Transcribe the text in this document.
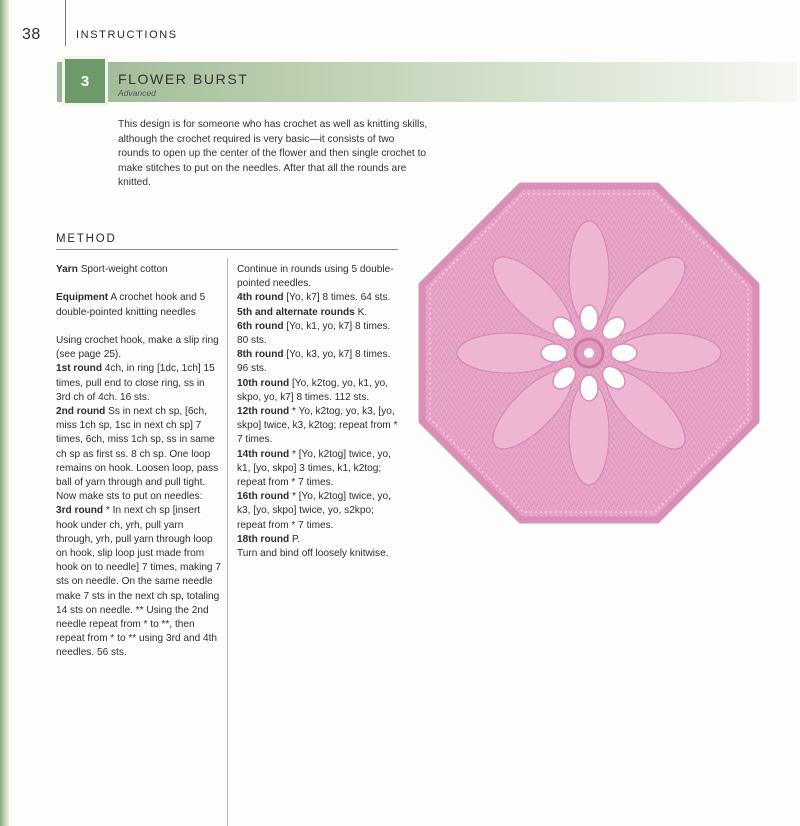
38	INSTRUCTIONS
3	FLOWER BURST
Advanced

This design is for someone who has crochet as well as knitting skills, although the crochet required is very basic—it consists of two rounds to open up the center of the flower and then single crochet to make stitches to put on the needles. After that all the rounds are knitted.

METHOD

Yarn Sport-weight cotton

Equipment A crochet hook and 5 double-pointed knitting needles

Using crochet hook, make a slip ring (see page 25).

1st round 4ch, in ring [1dc, 1ch] 15 times, pull end to close ring, ss in 3rd ch of 4ch. 16 sts.

2nd round Ss in next ch sp, [6ch, miss 1ch sp, 1sc in next ch sp] 7 times, 6ch, miss 1ch sp, ss in same ch sp as first ss. 8 ch sp. One loop remains on hook. Loosen loop, pass ball of yarn through and pull tight. Now make sts to put on needles:

3rd round * In next ch sp [insert hook under ch, yrh, pull yarn through, yrh, pull yarn through loop on hook, slip loop just made from hook on to needle] 7 times, making 7 sts on needle. On the same needle make 7 sts in the next ch sp, totaling 14 sts on needle. ** Using the 2nd needle repeat from * to **, then repeat from * to ** using 3rd and 4th needles. 56 sts.

Continue in rounds using 5 double-pointed needles.

4th round [Yo, k7] 8 times. 64 sts.

5th and alternate rounds K.

6th round [Yo, k1, yo, k7] 8 times. 80 sts.

8th round [Yo, k3, yo, k7] 8 times. 96 sts.

10th round [Yo, k2tog, yo, k1, yo, skpo, yo, k7] 8 times. 112 sts.

12th round * Yo, k2tog, yo, k3, [yo, skpo] twice, k3, k2tog; repeat from * 7 times.

14th round * [Yo, k2tog] twice, yo, k1, [yo, skpo] 3 times, k1, k2tog; repeat from * 7 times.

16th round * [Yo, k2tog] twice, yo, k3, [yo, skpo] twice, yo, s2kpo; repeat from * 7 times.

18th round P.

Turn and bind off loosely knitwise.
